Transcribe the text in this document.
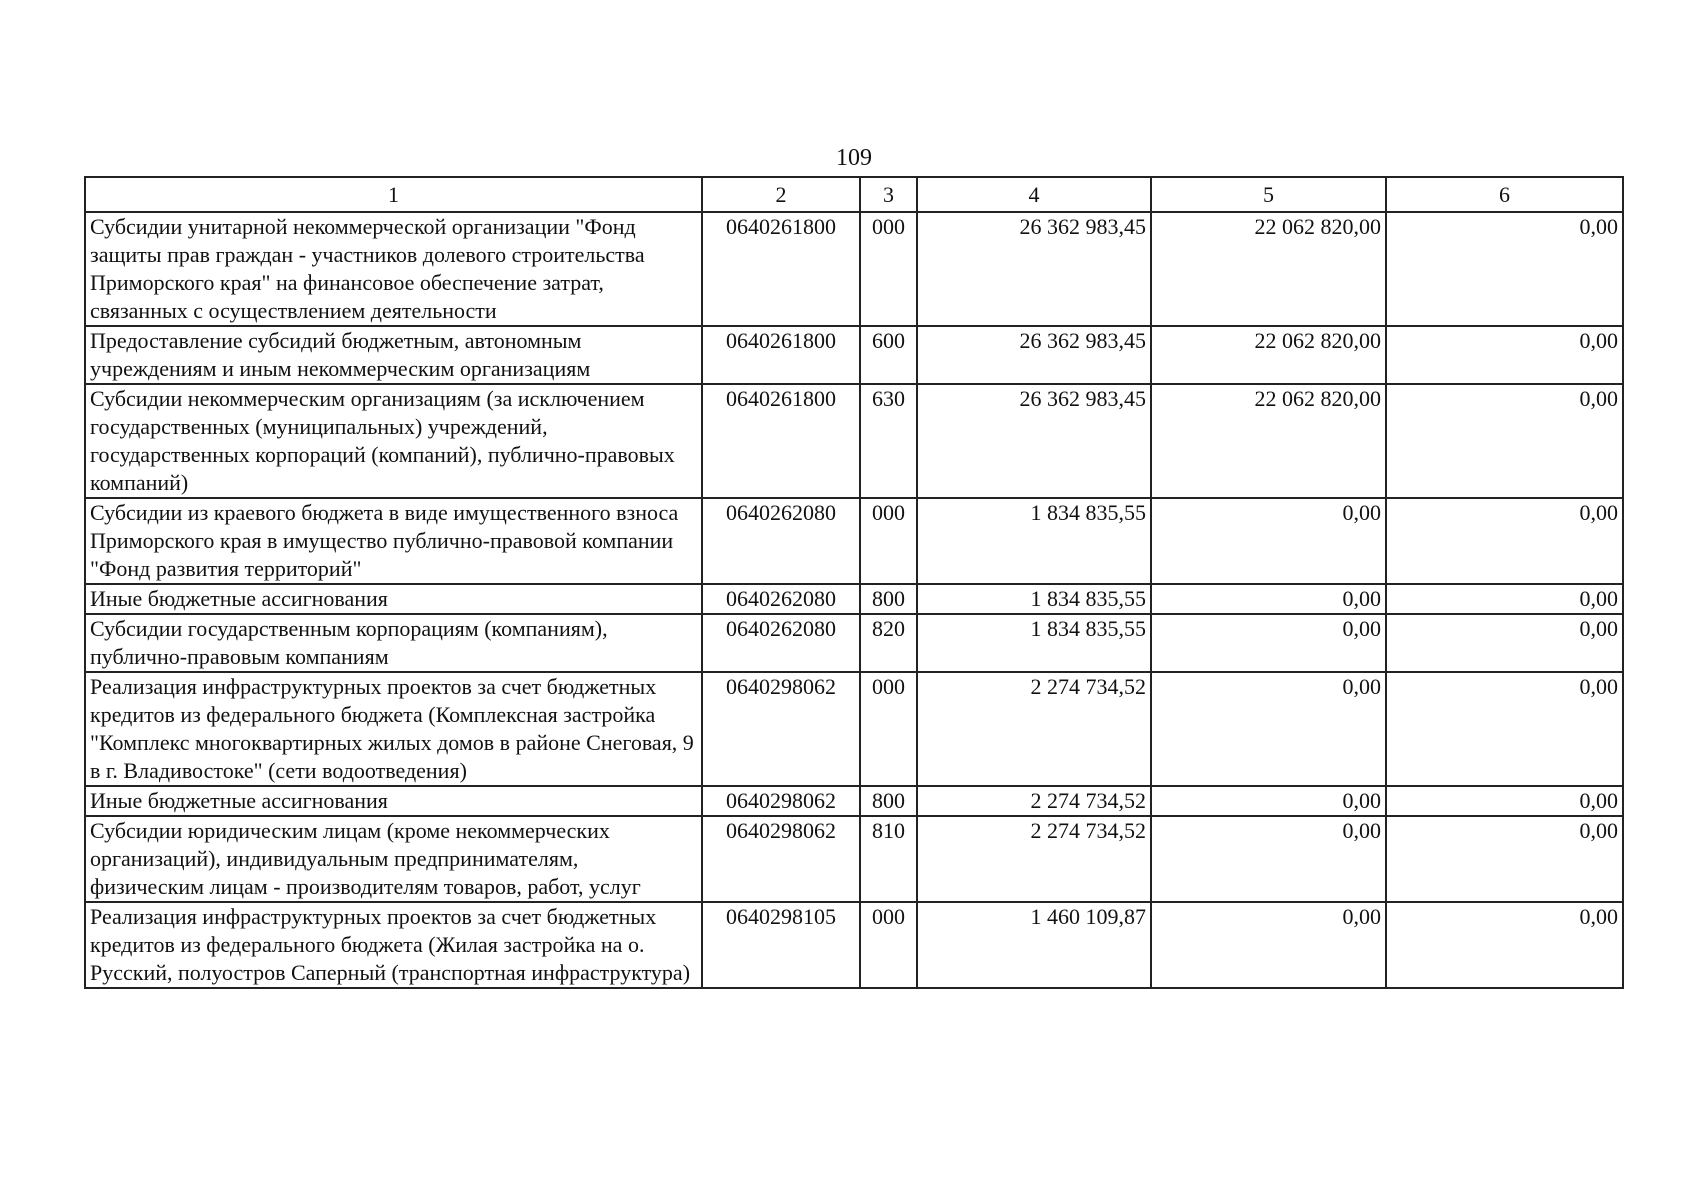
109
1	2	3	4	5	6
Субсидии унитарной некоммерческой организации "Фонд защиты прав граждан - участников долевого строительства Приморского края" на финансовое обеспечение затрат, связанных с осуществлением деятельности	0640261800	000	26 362 983,45	22 062 820,00	0,00
Предоставление субсидий бюджетным, автономным учреждениям и иным некоммерческим организациям	0640261800	600	26 362 983,45	22 062 820,00	0,00
Субсидии некоммерческим организациям (за исключением государственных (муниципальных) учреждений, государственных корпораций (компаний), публично-правовых компаний)	0640261800	630	26 362 983,45	22 062 820,00	0,00
Субсидии из краевого бюджета в виде имущественного взноса Приморского края в имущество публично-правовой компании "Фонд развития территорий"	0640262080	000	1 834 835,55	0,00	0,00
Иные бюджетные ассигнования	0640262080	800	1 834 835,55	0,00	0,00
Субсидии государственным корпорациям (компаниям), публично-правовым компаниям	0640262080	820	1 834 835,55	0,00	0,00
Реализация инфраструктурных проектов за счет бюджетных кредитов из федерального бюджета (Комплексная застройка "Комплекс многоквартирных жилых домов в районе Снеговая, 9 в г. Владивостоке" (сети водоотведения)	0640298062	000	2 274 734,52	0,00	0,00
Иные бюджетные ассигнования	0640298062	800	2 274 734,52	0,00	0,00
Субсидии юридическим лицам (кроме некоммерческих организаций), индивидуальным предпринимателям, физическим лицам - производителям товаров, работ, услуг	0640298062	810	2 274 734,52	0,00	0,00
Реализация инфраструктурных проектов за счет бюджетных кредитов из федерального бюджета (Жилая застройка на о. Русский, полуостров Саперный (транспортная инфраструктура)	0640298105	000	1 460 109,87	0,00	0,00
